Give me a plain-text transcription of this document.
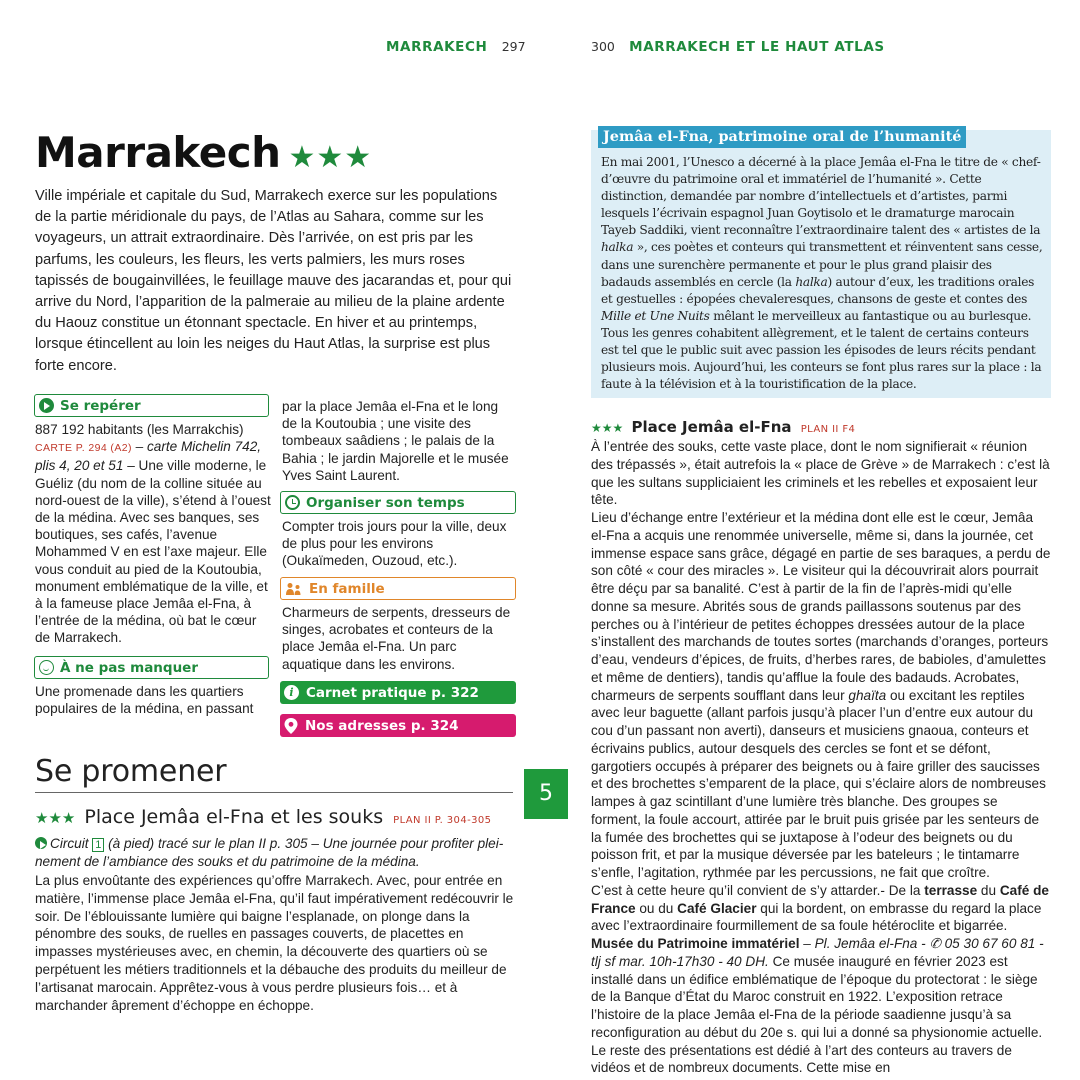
MARRAKECH 297	300 MARRAKECH ET LE HAUT ATLAS
Marrakech ★★★
Ville impériale et capitale du Sud, Marrakech exerce sur les populations de la partie méridionale du pays, de l’Atlas au Sahara, comme sur les voyageurs, un attrait extraordinaire. Dès l’arrivée, on est pris par les parfums, les couleurs, les fleurs, les verts palmiers, les murs roses tapissés de bougainvillées, le feuillage mauve des jacarandas et, pour qui arrive du Nord, l’apparition de la palmeraie au milieu de la plaine ardente du Haouz constitue un étonnant spectacle. En hiver et au printemps, lorsque étincellent au loin les neiges du Haut Atlas, la surprise est plus forte encore.
Se repérer
887 192 habitants (les Marrakchis)
CARTE P. 294 (A2) – carte Michelin 742, plis 4, 20 et 51 – Une ville moderne, le Guéliz (du nom de la colline située au nord-ouest de la ville), s’étend à l’ouest de la médina. Avec ses banques, ses boutiques, ses cafés, l’avenue Mohammed V en est l’axe majeur. Elle vous conduit au pied de la Koutoubia, monument emblématique de la ville, et à la fameuse place Jemâa el-Fna, à l’entrée de la médina, où bat le cœur de Marrakech.
À ne pas manquer
Une promenade dans les quartiers populaires de la médina, en passant
par la place Jemâa el-Fna et le long de la Koutoubia ; une visite des tombeaux saâdiens ; le palais de la Bahia ; le jardin Majorelle et le musée Yves Saint Laurent.
Organiser son temps
Compter trois jours pour la ville, deux de plus pour les environs (Oukaïmeden, Ouzoud, etc.).
En famille
Charmeurs de serpents, dresseurs de singes, acrobates et conteurs de la place Jemâa el-Fna. Un parc aquatique dans les environs.
i Carnet pratique p. 322
Nos adresses p. 324
Se promener
5
★★★ Place Jemâa el-Fna et les souks PLAN II P. 304-305
Circuit 1 (à pied) tracé sur le plan II p. 305 – Une journée pour profiter pleinement de l’ambiance des souks et du patrimoine de la médina.
La plus envoûtante des expériences qu’offre Marrakech. Avec, pour entrée en matière, l’immense place Jemâa el-Fna, qu’il faut impérativement redécouvrir le soir. De l’éblouissante lumière qui baigne l’esplanade, on plonge dans la pénombre des souks, de ruelles en passages couverts, de placettes en impasses mystérieuses avec, en chemin, la découverte des quartiers où se perpétuent les métiers traditionnels et la débauche des produits du meilleur de l’artisanat marocain. Apprêtez-vous à vous perdre plusieurs fois… et à marchander âprement d’échoppe en échoppe.
Jemâa el-Fna, patrimoine oral de l’humanité
En mai 2001, l’Unesco a décerné à la place Jemâa el-Fna le titre de « chef-d’œuvre du patrimoine oral et immatériel de l’humanité ». Cette distinction, demandée par nombre d’intellectuels et d’artistes, parmi lesquels l’écrivain espagnol Juan Goytisolo et le dramaturge marocain Tayeb Saddiki, vient reconnaître l’extraordinaire talent des « artistes de la halka », ces poètes et conteurs qui transmettent et réinventent sans cesse, dans une surenchère permanente et pour le plus grand plaisir des badauds assemblés en cercle (la halka) autour d’eux, les traditions orales et gestuelles : épopées chevaleresques, chansons de geste et contes des Mille et Une Nuits mêlant le merveilleux au fantastique ou au burlesque. Tous les genres cohabitent allègrement, et le talent de certains conteurs est tel que le public suit avec passion les épisodes de leurs récits pendant plusieurs mois. Aujourd’hui, les conteurs se font plus rares sur la place : la faute à la télévision et à la touristification de la place.
★★★ Place Jemâa el-Fna PLAN II F4
À l’entrée des souks, cette vaste place, dont le nom signifierait « réunion des trépassés », était autrefois la « place de Grève » de Marrakech : c’est là que les sultans suppliciaient les criminels et les rebelles et exposaient leur tête.
Lieu d’échange entre l’extérieur et la médina dont elle est le cœur, Jemâa el-Fna a acquis une renommée universelle, même si, dans la journée, cet immense espace sans grâce, dégagé en partie de ses baraques, a perdu de son côté « cour des miracles ». Le visiteur qui la découvrirait alors pourrait être déçu par sa banalité. C’est à partir de la fin de l’après-midi qu’elle donne sa mesure. Abrités sous de grands paillassons soutenus par des perches ou à l’intérieur de petites échoppes dressées autour de la place s’installent des marchands de toutes sortes (marchands d’oranges, porteurs d’eau, vendeurs d’épices, de fruits, d’herbes rares, de babioles, d’amulettes et même de dentiers), tandis qu’afflue la foule des badauds. Acrobates, charmeurs de serpents soufflant dans leur ghaïta ou excitant les reptiles avec leur baguette (allant parfois jusqu’à placer l’un d’entre eux autour du cou d’un passant non averti), danseurs et musiciens gnaoua, conteurs et écrivains publics, autour desquels des cercles se font et se défont, gargotiers occupés à préparer des beignets ou à faire griller des saucisses et des brochettes s’emparent de la place, qui s’éclaire alors de nombreuses lampes à gaz scintillant d’une lumière très blanche. Des groupes se forment, la foule accourt, attirée par le bruit puis grisée par les senteurs de la fumée des brochettes qui se juxtapose à l’odeur des beignets ou du poisson frit, et par la musique déversée par les bateleurs ; le tintamarre s’enfle, l’agitation, rythmée par les percussions, ne fait que croître.
C’est à cette heure qu’il convient de s’y attarder.- De la terrasse du Café de France ou du Café Glacier qui la bordent, on embrasse du regard la place avec l’extraordinaire fourmillement de sa foule hétéroclite et bigarrée.
Musée du Patrimoine immatériel – Pl. Jemâa el-Fna - ✆ 05 30 67 60 81 - tlj sf mar. 10h-17h30 - 40 DH. Ce musée inauguré en février 2023 est installé dans un édifice emblématique de l’époque du protectorat : le siège de la Banque d’État du Maroc construit en 1922. L’exposition retrace l’histoire de la place Jemâa el-Fna de la période saadienne jusqu’à sa reconfiguration au début du 20e s. qui lui a donné sa physionomie actuelle. Le reste des présentations est dédié à l’art des conteurs au travers de vidéos et de nombreux documents. Cette mise en
